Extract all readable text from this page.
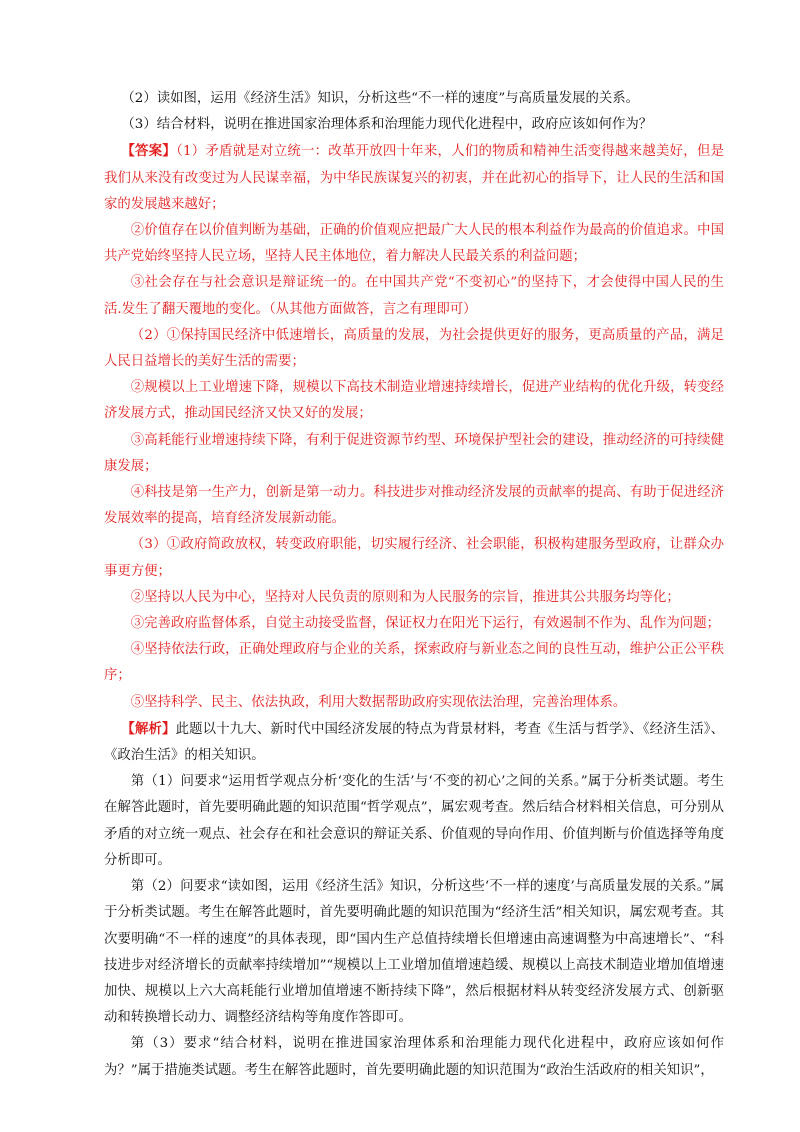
（2）读如图，运用《经济生活》知识，分析这些“不一样的速度”与高质量发展的关系。

（3）结合材料，说明在推进国家治理体系和治理能力现代化进程中，政府应该如何作为？

【答案】（1）矛盾就是对立统一：改革开放四十年来，人们的物质和精神生活变得越来越美好，但是我们从来没有改变过为人民谋幸福，为中华民族谋复兴的初衷，并在此初心的指导下，让人民的生活和国家的发展越来越好；

②价值存在以价值判断为基础，正确的价值观应把最广大人民的根本利益作为最高的价值追求。中国共产党始终坚持人民立场，坚持人民主体地位，着力解决人民最关系的利益问题；

③社会存在与社会意识是辩证统一的。在中国共产党“不变初心”的坚持下，才会使得中国人民的生活.发生了翻天覆地的变化。（从其他方面做答，言之有理即可）

（2）①保持国民经济中低速增长，高质量的发展，为社会提供更好的服务，更高质量的产品，满足人民日益增长的美好生活的需要；

②规模以上工业增速下降，规模以下高技术制造业增速持续增长，促进产业结构的优化升级，转变经济发展方式，推动国民经济又快又好的发展；

③高耗能行业增速持续下降，有利于促进资源节约型、环境保护型社会的建设，推动经济的可持续健康发展；

④科技是第一生产力，创新是第一动力。科技进步对推动经济发展的贡献率的提高、有助于促进经济发展效率的提高，培育经济发展新动能。

（3）①政府简政放权，转变政府职能，切实履行经济、社会职能，积极构建服务型政府，让群众办事更方便；

②坚持以人民为中心，坚持对人民负责的原则和为人民服务的宗旨，推进其公共服务均等化；

③完善政府监督体系，自觉主动接受监督，保证权力在阳光下运行，有效遏制不作为、乱作为问题；

④坚持依法行政，正确处理政府与企业的关系，探索政府与新业态之间的良性互动，维护公正公平秩序；

⑤坚持科学、民主、依法执政，利用大数据帮助政府实现依法治理，完善治理体系。

【解析】此题以十九大、新时代中国经济发展的特点为背景材料，考查《生活与哲学》、《经济生活》、《政治生活》的相关知识。

第（1）问要求“运用哲学观点分析‘变化的生活’与‘不变的初心’之间的关系。”属于分析类试题。考生在解答此题时，首先要明确此题的知识范围“哲学观点”，属宏观考查。然后结合材料相关信息，可分别从矛盾的对立统一观点、社会存在和社会意识的辩证关系、价值观的导向作用、价值判断与价值选择等角度分析即可。

第（2）问要求“读如图，运用《经济生活》知识，分析这些‘不一样的速度’与高质量发展的关系。”属于分析类试题。考生在解答此题时，首先要明确此题的知识范围为“经济生活”相关知识，属宏观考查。其次要明确“不一样的速度”的具体表现，即“国内生产总值持续增长但增速由高速调整为中高速增长”、“科技进步对经济增长的贡献率持续增加”“规模以上工业增加值增速趋缓、规模以上高技术制造业增加值增速加快、规模以上六大高耗能行业增加值增速不断持续下降”，然后根据材料从转变经济发展方式、创新驱动和转换增长动力、调整经济结构等角度作答即可。

第（3）要求“结合材料，说明在推进国家治理体系和治理能力现代化进程中，政府应该如何作为？”属于措施类试题。考生在解答此题时，首先要明确此题的知识范围为“政治生活政府的相关知识”，
